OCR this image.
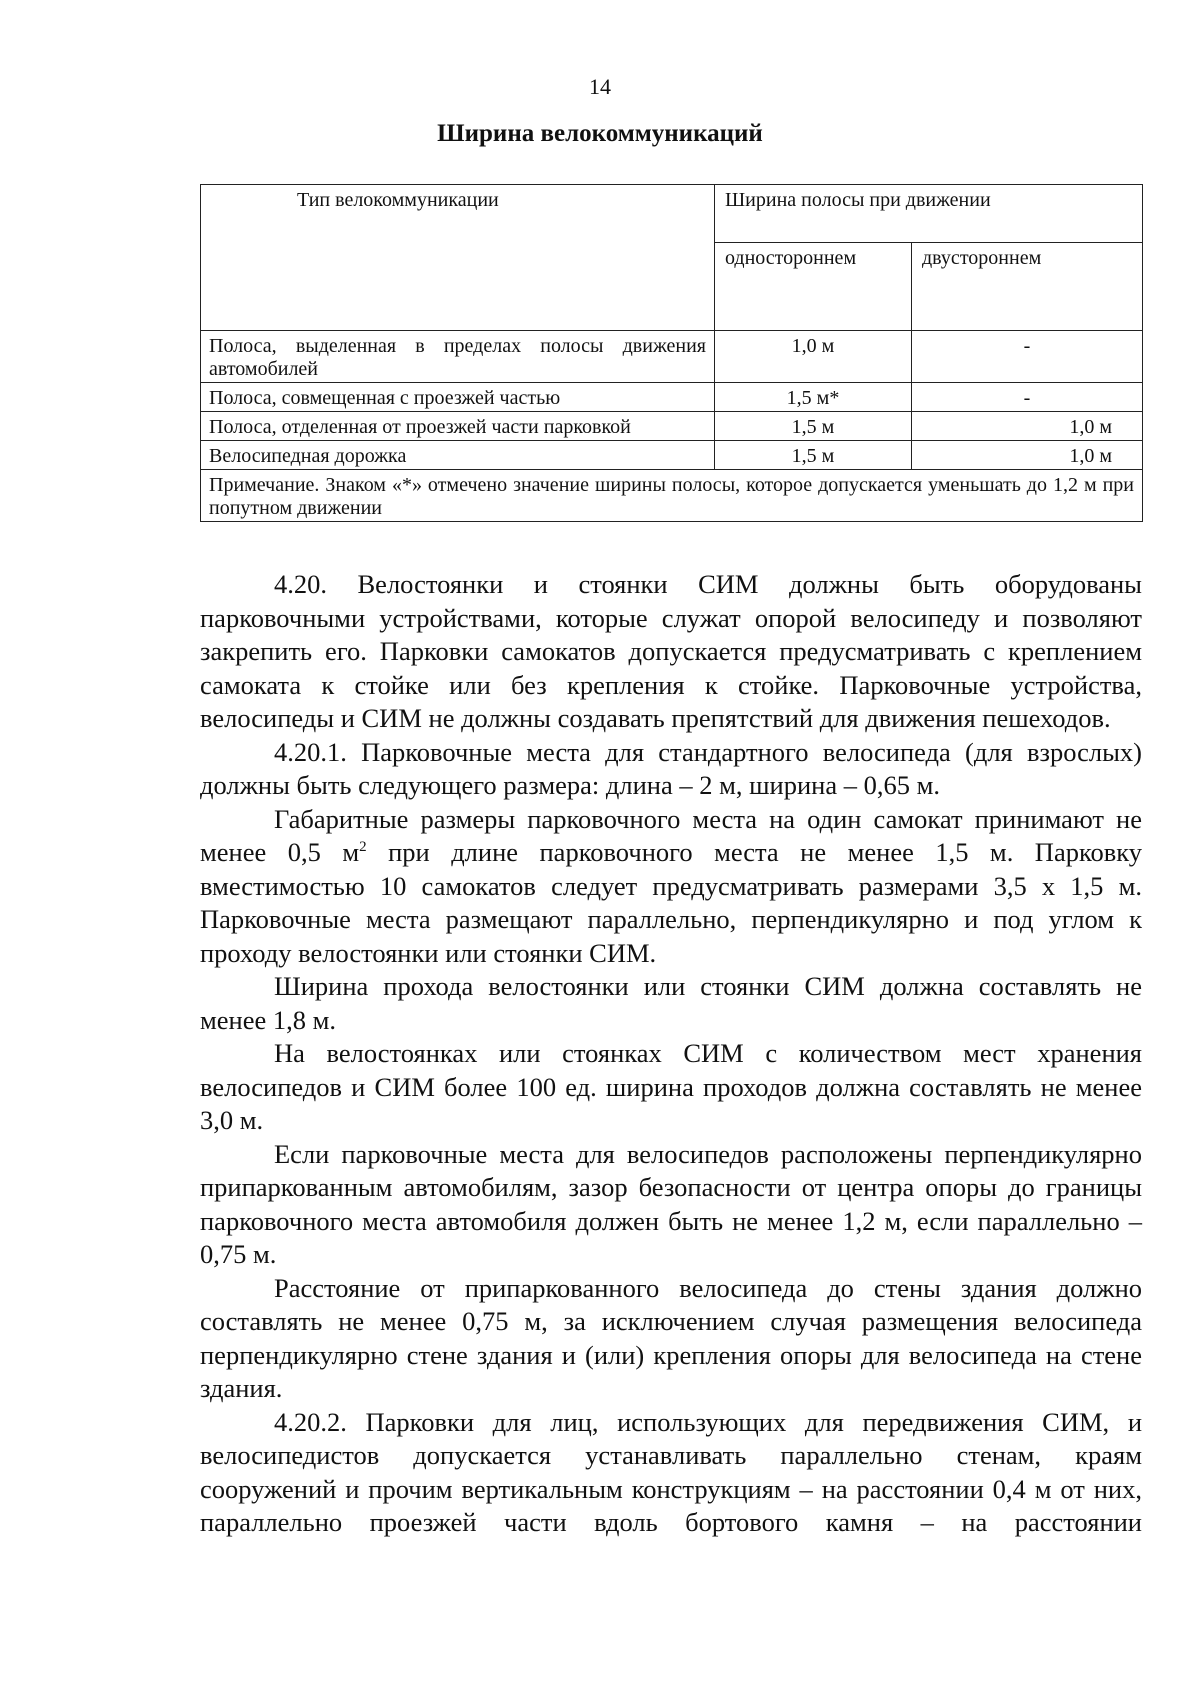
14
Ширина велокоммуникаций
Тип велокоммуникации	Ширина полосы при движении	
	одностороннем	двустороннем
Полоса, выделенная в пределах полосы движения автомобилей	1,0 м	-
Полоса, совмещенная с проезжей частью	1,5 м*	-
Полоса, отделенная от проезжей части парковкой	1,5 м	1,0 м
Велосипедная дорожка	1,5 м	1,0 м
Примечание. Знаком «*» отмечено значение ширины полосы, которое допускается уменьшать до 1,2 м при попутном движении		

4.20. Велостоянки и стоянки СИМ должны быть оборудованы парковочными устройствами, которые служат опорой велосипеду и позволяют закрепить его. Парковки самокатов допускается предусматривать с креплением самоката к стойке или без крепления к стойке. Парковочные устройства, велосипеды и СИМ не должны создавать препятствий для движения пешеходов.

4.20.1. Парковочные места для стандартного велосипеда (для взрослых) должны быть следующего размера: длина – 2 м, ширина – 0,65 м.

Габаритные размеры парковочного места на один самокат принимают не менее 0,5 $м^2$ при длине парковочного места не менее 1,5 м. Парковку вместимостью 10 самокатов следует предусматривать размерами 3,5 х 1,5 м. Парковочные места размещают параллельно, перпендикулярно и под углом к проходу велостоянки или стоянки СИМ.

Ширина прохода велостоянки или стоянки СИМ должна составлять не менее 1,8 м.

На велостоянках или стоянках СИМ с количеством мест хранения велосипедов и СИМ более 100 ед. ширина проходов должна составлять не менее 3,0 м.

Если парковочные места для велосипедов расположены перпендикулярно припаркованным автомобилям, зазор безопасности от центра опоры до границы парковочного места автомобиля должен быть не менее 1,2 м, если параллельно – 0,75 м.

Расстояние от припаркованного велосипеда до стены здания должно составлять не менее 0,75 м, за исключением случая размещения велосипеда перпендикулярно стене здания и (или) крепления опоры для велосипеда на стене здания.

4.20.2. Парковки для лиц, использующих для передвижения СИМ, и велосипедистов допускается устанавливать параллельно стенам, краям сооружений и прочим вертикальным конструкциям – на расстоянии 0,4 м от них, параллельно проезжей части вдоль бортового камня – на расстоянии
